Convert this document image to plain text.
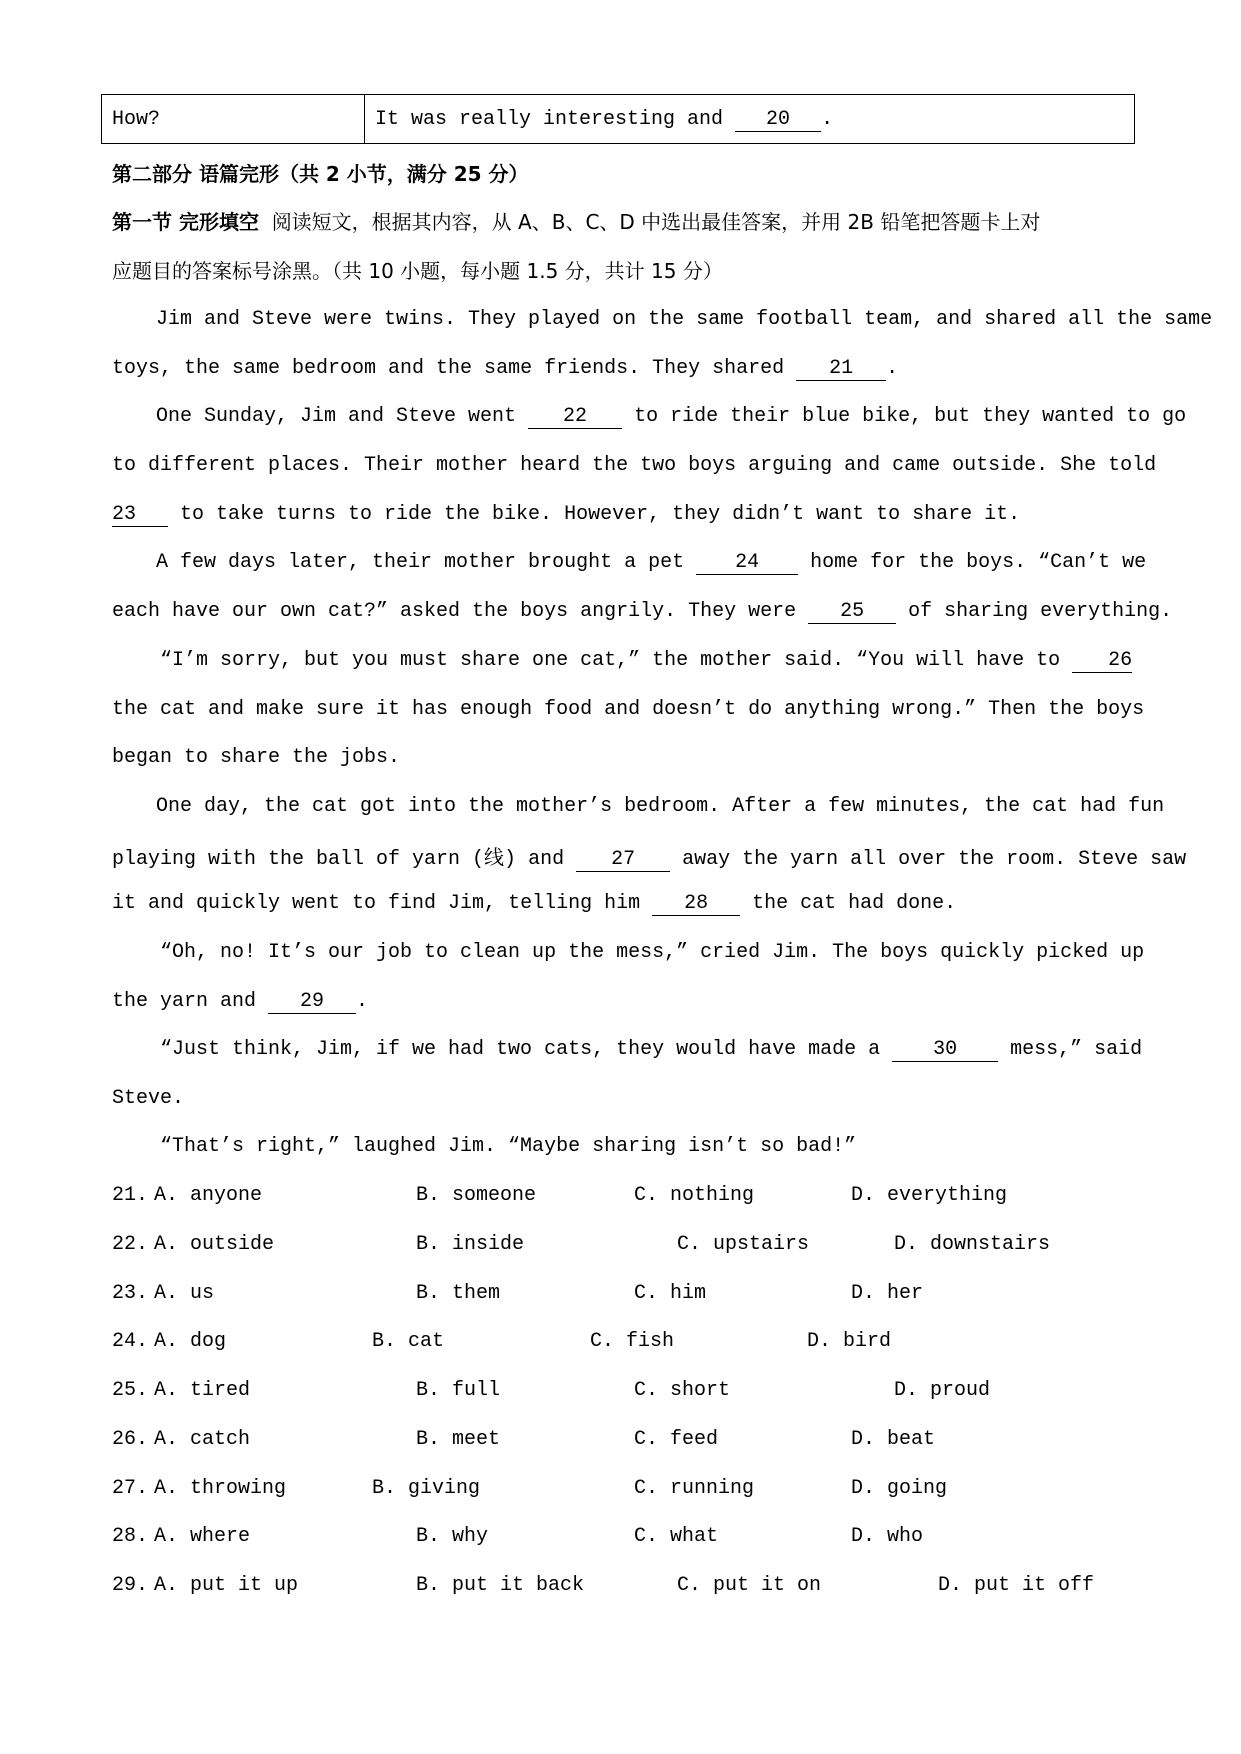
How?	It was really interesting and 20 .
第二部分 语篇完形（共 2 小节，满分 25 分）
第一节 完形填空 阅读短文，根据其内容，从 A、B、C、D 中选出最佳答案，并用 2B 铅笔把答题卡上对
应题目的答案标号涂黑。（共 10 小题，每小题 1.5 分，共计 15 分）
Jim and Steve were twins. They played on the same football team, and shared all the same
toys, the same bedroom and the same friends. They shared 21 .
One Sunday, Jim and Steve went 22 to ride their blue bike, but they wanted to go
to different places. Their mother heard the two boys arguing and came outside. She told
23 to take turns to ride the bike. However, they didn’t want to share it.
A few days later, their mother brought a pet 24 home for the boys. “Can’t we
each have our own cat?” asked the boys angrily. They were 25 of sharing everything.
“I’m sorry, but you must share one cat,” the mother said. “You will have to 26
the cat and make sure it has enough food and doesn’t do anything wrong.” Then the boys
began to share the jobs.
One day, the cat got into the mother’s bedroom. After a few minutes, the cat had fun
playing with the ball of yarn (线) and 27 away the yarn all over the room. Steve saw
it and quickly went to find Jim, telling him 28 the cat had done.
“Oh, no! It’s our job to clean up the mess,” cried Jim. The boys quickly picked up
the yarn and 29 .
“Just think, Jim, if we had two cats, they would have made a 30 mess,” said
Steve.
“That’s right,” laughed Jim. “Maybe sharing isn’t so bad!”
21. A. anyone	B. someone	C. nothing	D. everything
22. A. outside	B. inside	C. upstairs	D. downstairs
23. A. us	B. them	C. him	D. her
24. A. dog	B. cat	C. fish	D. bird
25. A. tired	B. full	C. short	D. proud
26. A. catch	B. meet	C. feed	D. beat
27. A. throwing	B. giving	C. running	D. going
28. A. where	B. why	C. what	D. who
29. A. put it up	B. put it back	C. put it on	D. put it off
